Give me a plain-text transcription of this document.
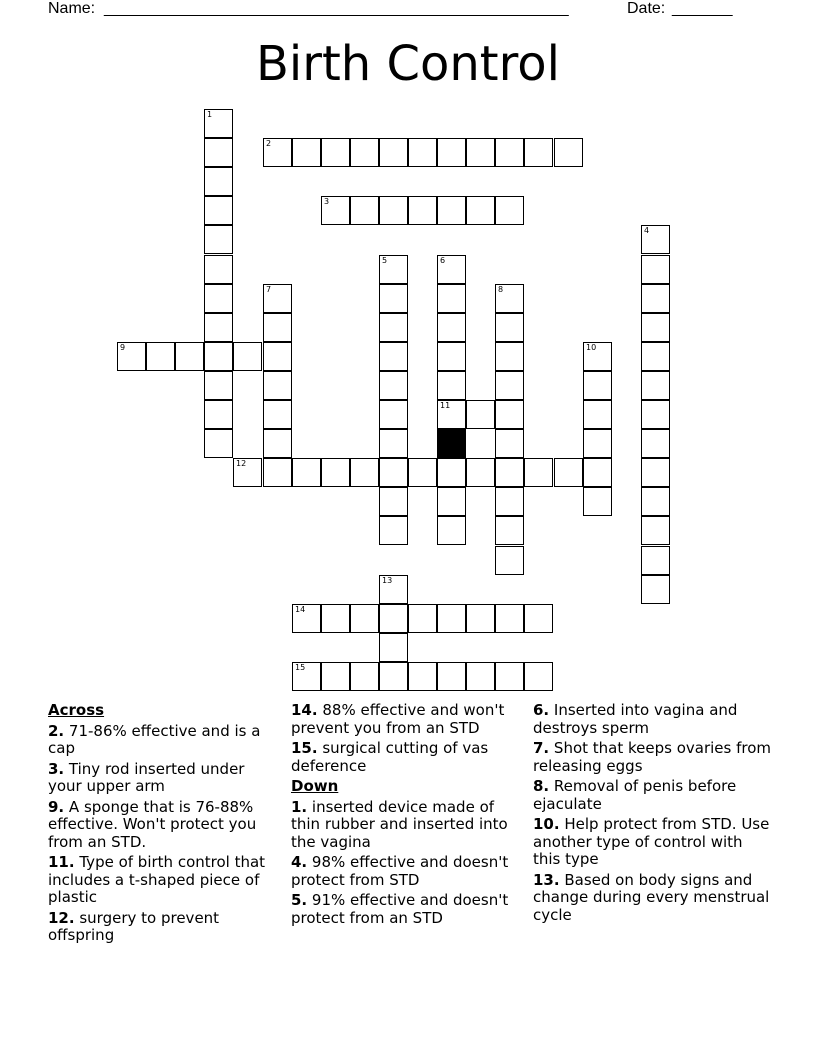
Name: ______________________________________________________	Date: _______
Birth Control
1
2
3
4
5	6
11
7	8
9	10
12
13
14
15
Across
2. 71-86% effective and is a cap
3. Tiny rod inserted under your upper arm
9. A sponge that is 76-88% effective. Won't protect you from an STD.
11. Type of birth control that includes a t-shaped piece of plastic
12. surgery to prevent offspring
14. 88% effective and won't prevent you from an STD
15. surgical cutting of vas deference
Down
1. inserted device made of thin rubber and inserted into the vagina
4. 98% effective and doesn't protect from STD
5. 91% effective and doesn't protect from an STD
6. Inserted into vagina and destroys sperm
7. Shot that keeps ovaries from releasing eggs
8. Removal of penis before ejaculate
10. Help protect from STD. Use another type of control with this type
13. Based on body signs and change during every menstrual cycle
